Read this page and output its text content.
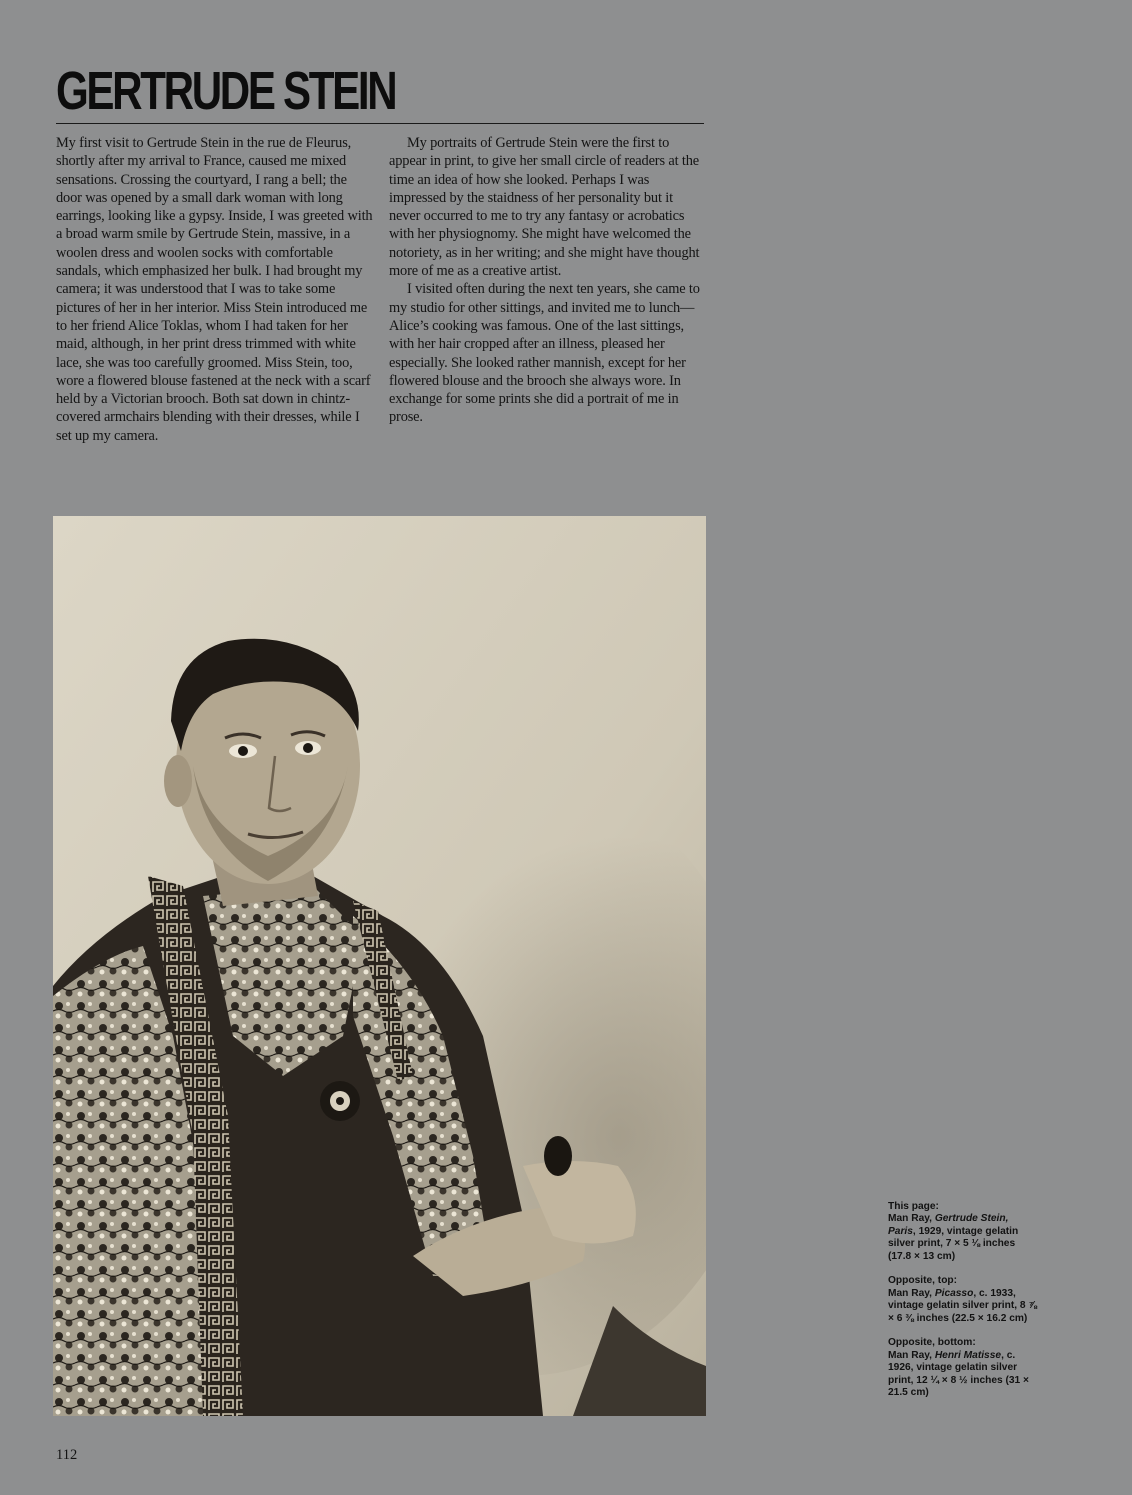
GERTRUDE STEIN

My first visit to Gertrude Stein in the rue de Fleurus, shortly after my arrival to France, caused me mixed sensations. Crossing the courtyard, I rang a bell; the door was opened by a small dark woman with long earrings, looking like a gypsy. Inside, I was greeted with a broad warm smile by Gertrude Stein, massive, in a woolen dress and woolen socks with comfortable sandals, which emphasized her bulk. I had brought my camera; it was understood that I was to take some pictures of her in her interior. Miss Stein introduced me to her friend Alice Toklas, whom I had taken for her maid, although, in her print dress trimmed with white lace, she was too carefully groomed. Miss Stein, too, wore a flowered blouse fastened at the neck with a scarf held by a Victorian brooch. Both sat down in chintz-covered armchairs blending with their dresses, while I set up my camera.

My portraits of Gertrude Stein were the first to appear in print, to give her small circle of readers at the time an idea of how she looked. Perhaps I was impressed by the staidness of her personality but it never occurred to me to try any fantasy or acrobatics with her physiognomy. She might have welcomed the notoriety, as in her writing; and she might have thought more of me as a creative artist.

I visited often during the next ten years, she came to my studio for other sittings, and invited me to lunch—Alice’s cooking was famous. One of the last sittings, with her hair cropped after an illness, pleased her especially. She looked rather mannish, except for her flowered blouse and the brooch she always wore. In exchange for some prints she did a portrait of me in prose.

This page:
Man Ray, Gertrude Stein, Paris, 1929, vintage gelatin silver print, 7 × 5 ⅛ inches (17.8 × 13 cm)

Opposite, top:
Man Ray, Picasso, c. 1933, vintage gelatin silver print, 8 ⅞ × 6 ⅜ inches (22.5 × 16.2 cm)

Opposite, bottom:
Man Ray, Henri Matisse, c. 1926, vintage gelatin silver print, 12 ¼ × 8 ½ inches (31 × 21.5 cm)

112
